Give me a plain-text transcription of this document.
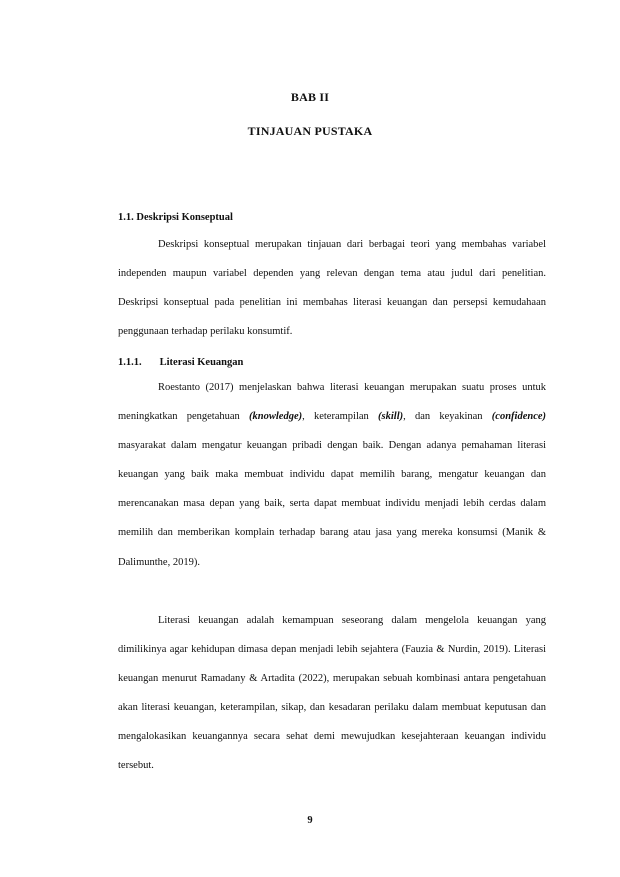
BAB II
TINJAUAN PUSTAKA
1.1. Deskripsi Konseptual

Deskripsi konseptual merupakan tinjauan dari berbagai teori yang membahas variabel independen maupun variabel dependen yang relevan dengan tema atau judul dari penelitian. Deskripsi konseptual pada penelitian ini membahas literasi keuangan dan persepsi kemudahaan penggunaan terhadap perilaku konsumtif.

1.1.1. Literasi Keuangan

Roestanto (2017) menjelaskan bahwa literasi keuangan merupakan suatu proses untuk meningkatkan pengetahuan (knowledge), keterampilan (skill), dan keyakinan (confidence) masyarakat dalam mengatur keuangan pribadi dengan baik. Dengan adanya pemahaman literasi keuangan yang baik maka membuat individu dapat memilih barang, mengatur keuangan dan merencanakan masa depan yang baik, serta dapat membuat individu menjadi lebih cerdas dalam memilih dan memberikan komplain terhadap barang atau jasa yang mereka konsumsi (Manik & Dalimunthe, 2019).

Literasi keuangan adalah kemampuan seseorang dalam mengelola keuangan yang dimilikinya agar kehidupan dimasa depan menjadi lebih sejahtera (Fauzia & Nurdin, 2019). Literasi keuangan menurut Ramadany & Artadita (2022), merupakan sebuah kombinasi antara pengetahuan akan literasi keuangan, keterampilan, sikap, dan kesadaran perilaku dalam membuat keputusan dan mengalokasikan keuangannya secara sehat demi mewujudkan kesejahteraan keuangan individu tersebut.

9
